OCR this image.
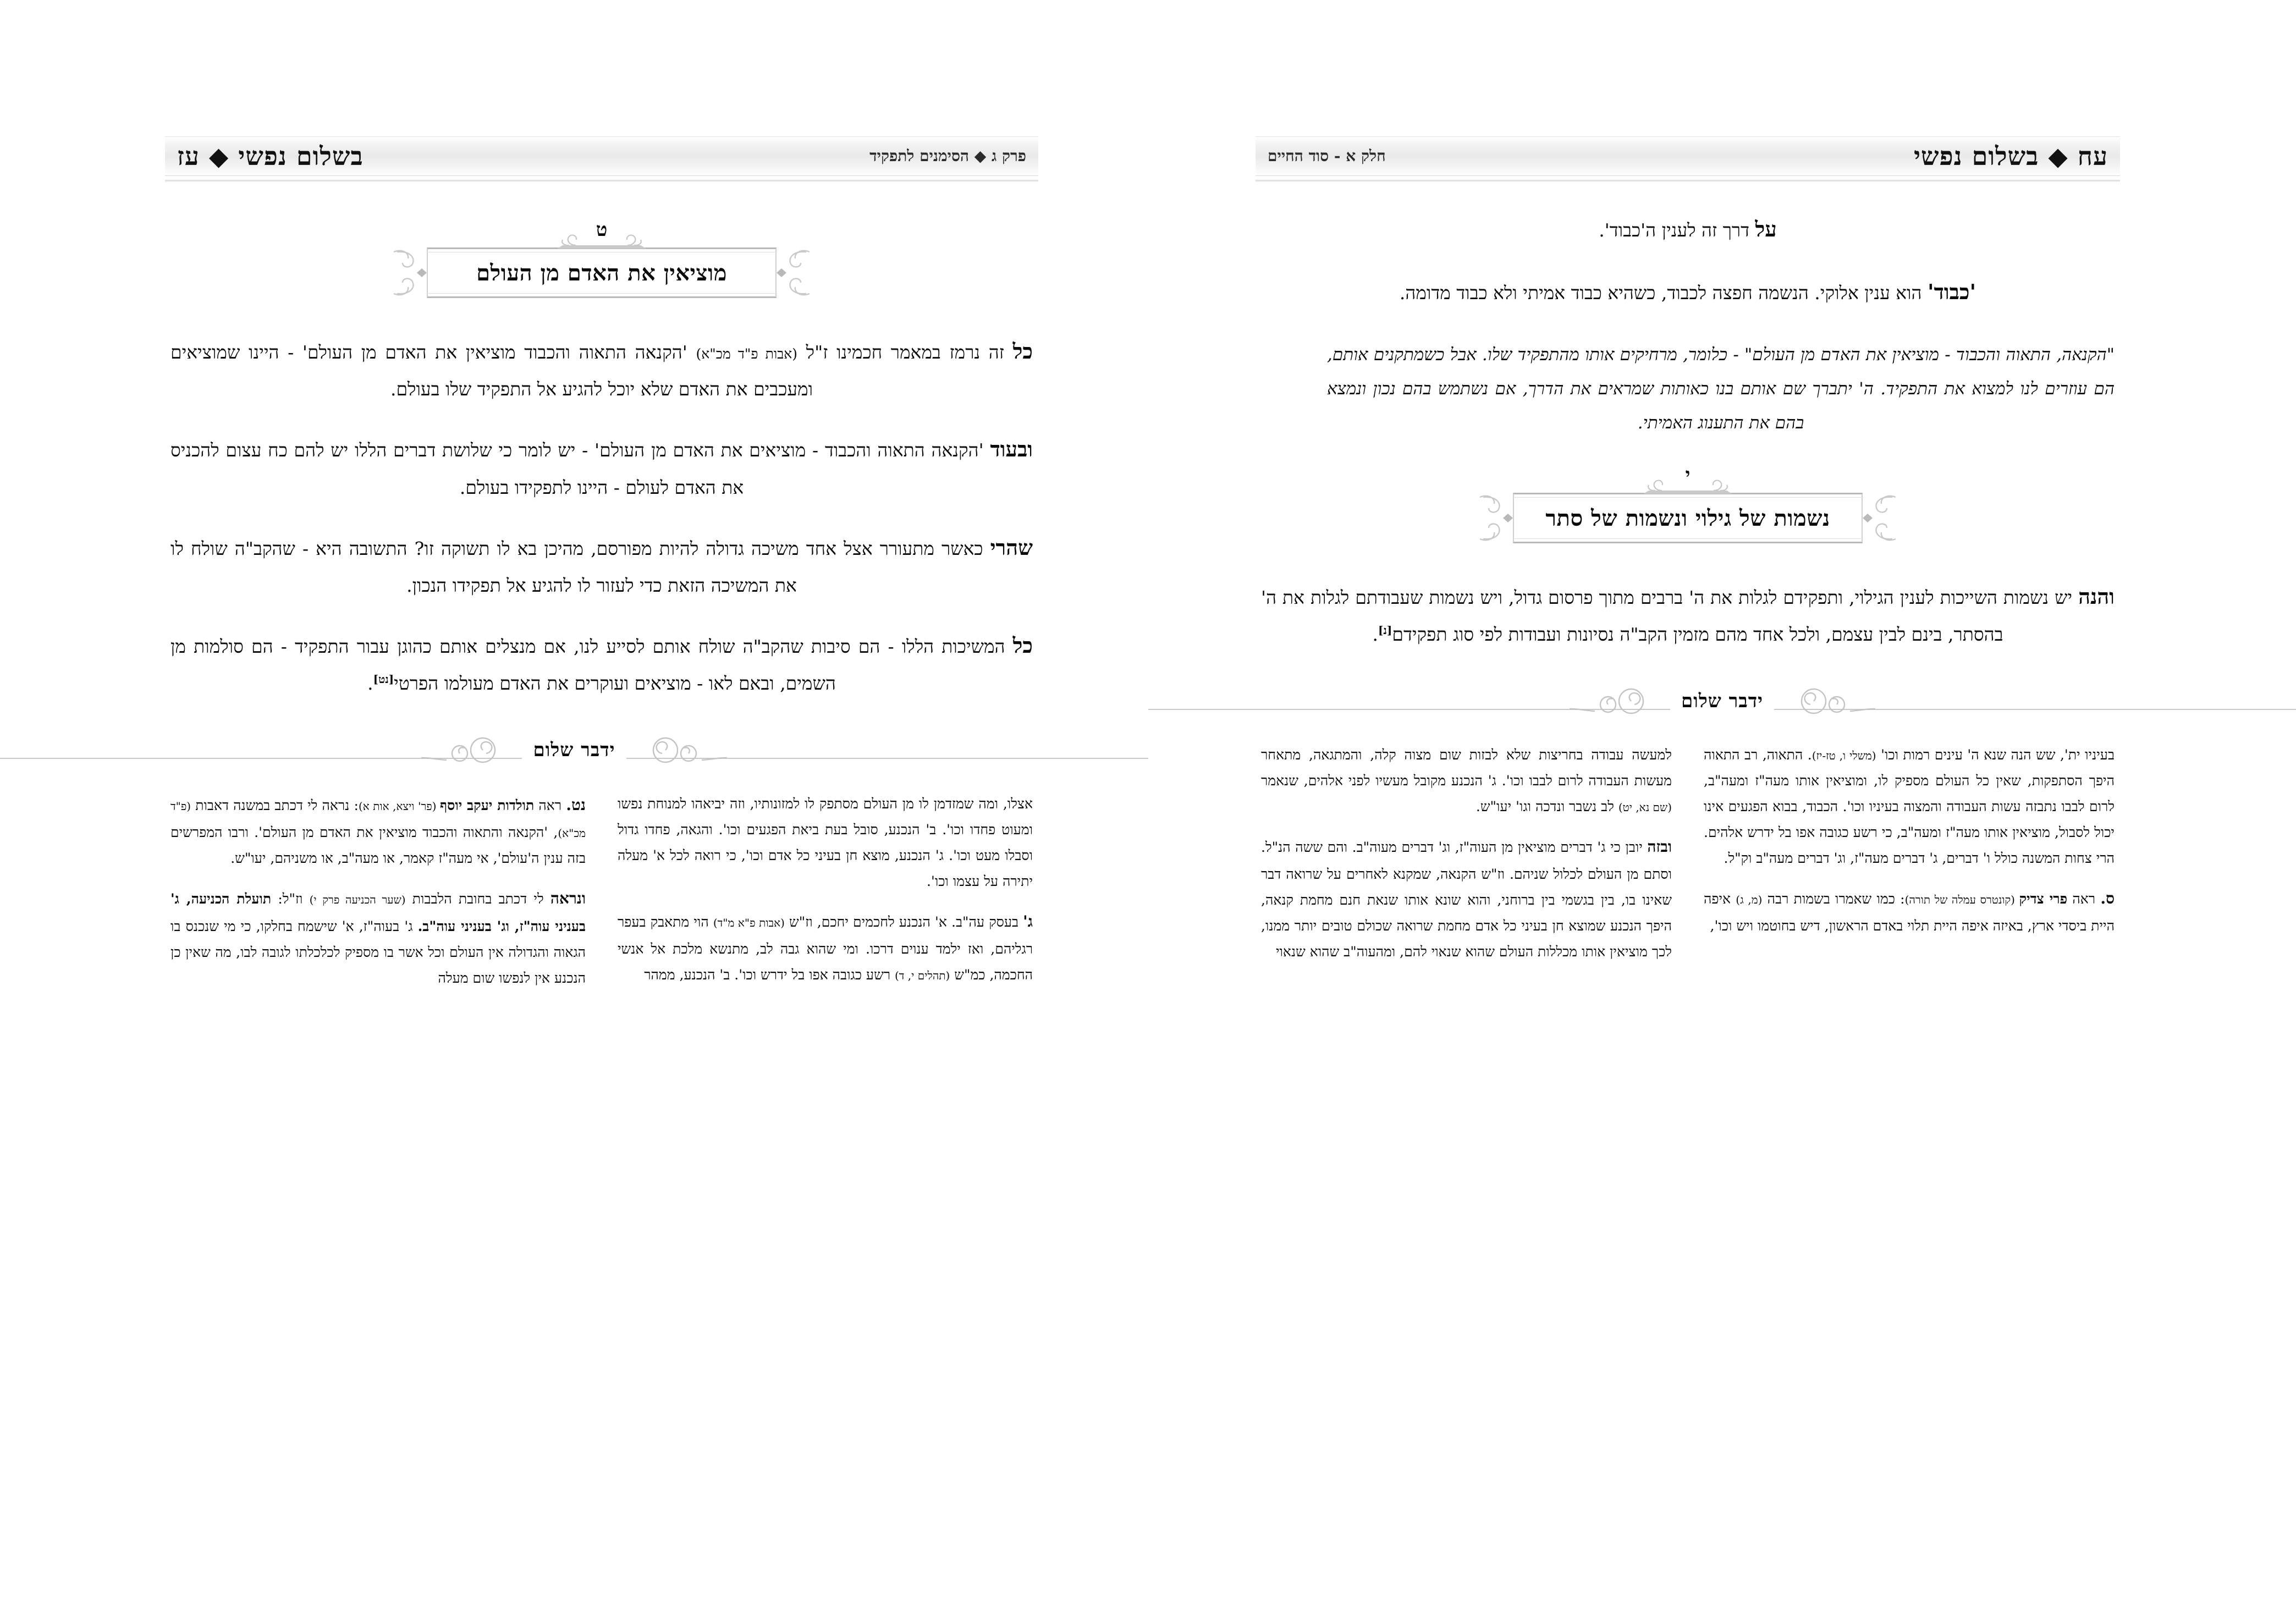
עח ◆ בשלום נפשי
חלק א - סוד החיים

על דרך זה לענין ה'כבוד'.

'כבוד' הוא ענין אלוקי. הנשמה חפצה לכבוד, כשהיא כבוד אמיתי ולא כבוד מדומה.

"הקנאה, התאוה והכבוד - מוציאין את האדם מן העולם" - כלומר, מרחיקים אותו מהתפקיד שלו. אבל כשמתקנים אותם, הם עוזרים לנו למצוא את התפקיד. ה' יתברך שם אותם בנו כאותות שמראים את הדרך, אם נשתמש בהם נכון ונמצא בהם את התענוג האמיתי.

י
נשמות של גילוי ונשמות של סתר

והנה יש נשמות השייכות לענין הגילוי, ותפקידם לגלות את ה' ברבים מתוך פרסום גדול, ויש נשמות שעבודתם לגלות את ה' בהסתר, בינם לבין עצמם, ולכל אחד מהם מזמין הקב"ה נסיונות ועבודות לפי סוג תפקידם[נ].

ידבר שלום

בעיניו ית', שש הנה שנא ה' עינים רמות וכו' (משלי ו, טז-יז). התאוה, רב התאוה היפך הסתפקות, שאין כל העולם מספיק לו, ומוציאין אותו מעה"ז ומעה"ב, לרום לבבו נתבזה עשות העבודה והמצוה בעיניו וכו'. הכבוד, בבוא הפגעים אינו יכול לסבול, מוציאין אותו מעה"ז ומעה"ב, כי רשע כגובה אפו בל ידרש אלהים. הרי צחות המשנה כולל ו' דברים, ג' דברים מעה"ז, וג' דברים מעה"ב וק"ל.

ס. ראה פרי צדיק (קונטרס עמלה של תורה): כמו שאמרו בשמות רבה (מ, ג) איפה היית ביסדי ארץ, באיזה איפה היית תלוי באדם הראשון, דיש בחוטמו ויש וכו',

למעשה עבודה בחריצות שלא לבזות שום מצוה קלה, והמתגאה, מתאחר מעשות העבודה לרום לבבו וכו'. ג' הנכנע מקובל מעשיו לפני אלהים, שנאמר (שם נא, יט) לב נשבר ונדכה וגו' יעו"ש.

ובזה יובן כי ג' דברים מוציאין מן העוה"ז, וג' דברים מעוה"ב. והם ששה הנ"ל. וסתם מן העולם לכלול שניהם. וז"ש הקנאה, שמקנא לאחרים על שרואה דבר שאינו בו, בין בגשמי בין ברוחני, והוא שונא אותו שנאת חנם מחמת קנאה, היפך הנכנע שמוצא חן בעיני כל אדם מחמת שרואה שכולם טובים יותר ממנו, לכך מוציאין אותו מכללות העולם שהוא שנאוי להם, ומהעוה"ב שהוא שנאוי

פרק ג ◆ הסימנים לתפקיד
בשלום נפשי ◆ עז
ט
מוציאין את האדם מן העולם

כל זה נרמז במאמר חכמינו ז"ל (אבות פ"ד מכ"א) 'הקנאה התאוה והכבוד מוציאין את האדם מן העולם' - היינו שמוציאים ומעכבים את האדם שלא יוכל להגיע אל התפקיד שלו בעולם.

ובעוד 'הקנאה התאוה והכבוד - מוציאים את האדם מן העולם' - יש לומר כי שלושת דברים הללו יש להם כח עצום להכניס את האדם לעולם - היינו לתפקידו בעולם.

שהרי כאשר מתעורר אצל אחד משיכה גדולה להיות מפורסם, מהיכן בא לו תשוקה זו? התשובה היא - שהקב"ה שולח לו את המשיכה הזאת כדי לעזור לו להגיע אל תפקידו הנכון.

כל המשיכות הללו - הם סיבות שהקב"ה שולח אותם לסייע לנו, אם מנצלים אותם כהוגן עבור התפקיד - הם סולמות מן השמים, ובאם לאו - מוציאים ועוקרים את האדם מעולמו הפרטי[נט].

ידבר שלום

אצלו, ומה שמזדמן לו מן העולם מסתפק לו למזונותיו, וזה יביאהו למנוחת נפשו ומעוט פחדו וכו'. ב' הנכנע, סובל בעת ביאת הפגעים וכו'. והגאה, פחדו גדול וסבלו מעט וכו'. ג' הנכנע, מוצא חן בעיני כל אדם וכו', כי רואה לכל א' מעלה יתירה על עצמו וכו'.

ג' בעסק עה"ב. א' הנכנע לחכמים יחכם, וז"ש (אבות פ"א מ"ד) הוי מתאבק בעפר רגליהם, ואז ילמד ענוים דרכו. ומי שהוא גבה לב, מתנשא מלכת אל אנשי החכמה, כמ"ש (תהלים י, ד) רשע כגובה אפו בל ידרש וכו'. ב' הנכנע, ממהר

נט. ראה תולדות יעקב יוסף (פר' ויצא, אות א): נראה לי דכתב במשנה דאבות (פ"ד מכ"א), 'הקנאה והתאוה והכבוד מוציאין את האדם מן העולם'. ורבו המפרשים בזה ענין ה'עולם', אי מעה"ז קאמר, או מעה"ב, או משניהם, יעו"ש.

ונראה לי דכתב בחובת הלבבות (שער הכניעה פרק י) וז"ל: תועלת הכניעה, ג' בעניני עוה"ז, וג' בעניני עוה"ב. ג' בעוה"ז, א' שישמח בחלקו, כי מי שנכנס בו הגאוה והגדולה אין העולם וכל אשר בו מספיק לכלכלתו לגובה לבו, מה שאין כן הנכנע אין לנפשו שום מעלה
